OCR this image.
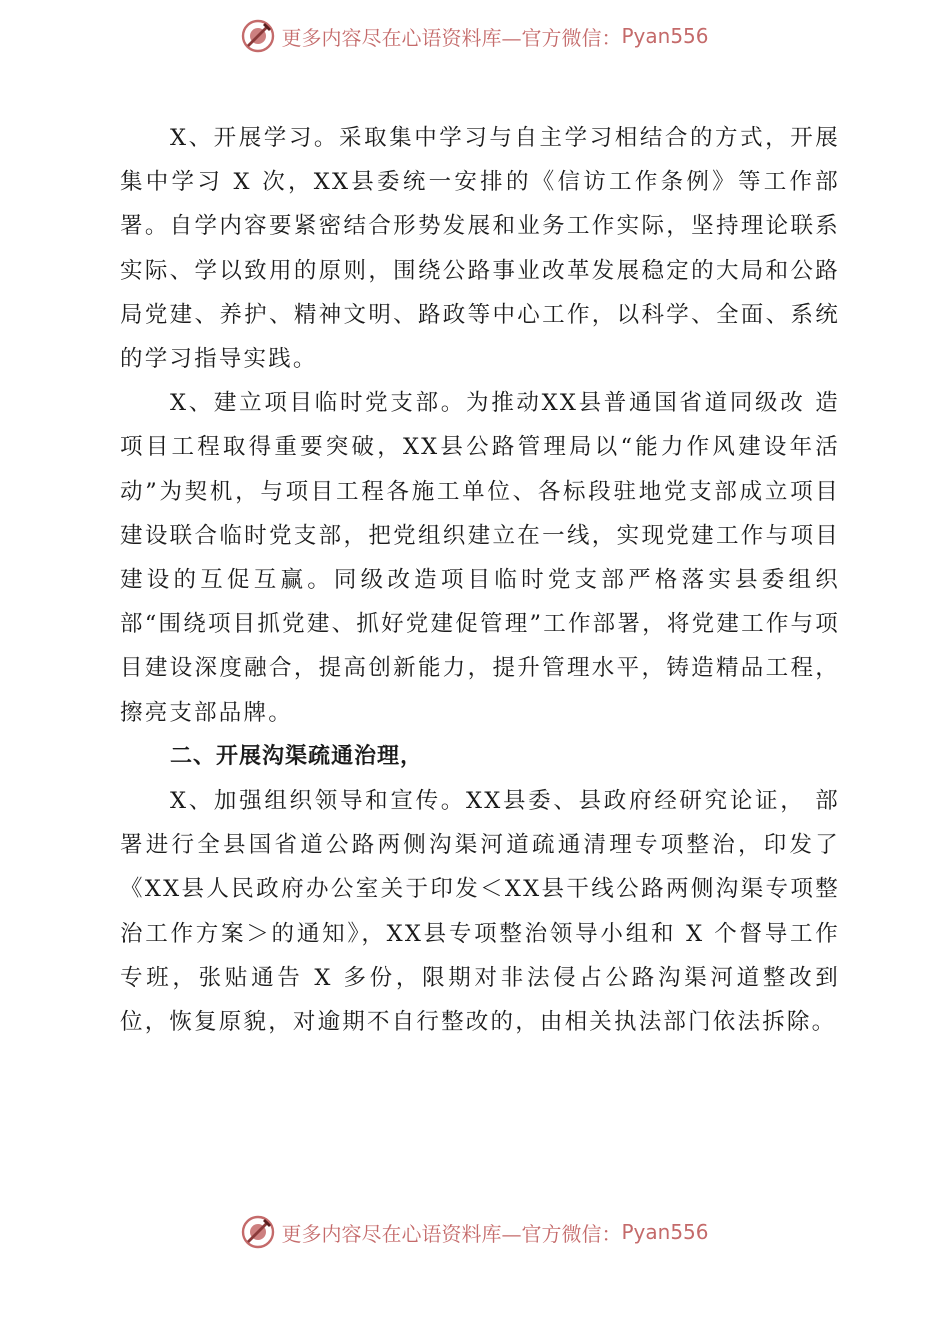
更多内容尽在心语资料库—官方微信： Pyan556

X、开展学习。采取集中学习与自主学习相结合的方式，开展集中学习 X 次，XX县委统一安排的《信访工作条例》等工作部署。自学内容要紧密结合形势发展和业务工作实际，坚持理论联系实际、学以致用的原则，围绕公路事业改革发展稳定的大局和公路局党建、养护、精神文明、路政等中心工作，以科学、全面、系统的学习指导实践。

X、建立项目临时党支部。为推动XX县普通国省道同级改 造项目工程取得重要突破，XX县公路管理局以“能力作风建设年活动”为契机，与项目工程各施工单位、各标段驻地党支部成立项目建设联合临时党支部，把党组织建立在一线，实现党建工作与项目建设的互促互赢。同级改造项目临时党支部严格落实县委组织部“围绕项目抓党建、抓好党建促管理”工作部署，将党建工作与项目建设深度融合，提高创新能力，提升管理水平，铸造精品工程，擦亮支部品牌。

二、开展沟渠疏通治理，

X、加强组织领导和宣传。XX县委、县政府经研究论证， 部署进行全县国省道公路两侧沟渠河道疏通清理专项整治，印发了《XX县人民政府办公室关于印发＜XX县干线公路两侧沟渠专项整治工作方案＞的通知》，XX县专项整治领导小组和 X 个督导工作专班，张贴通告 X 多份，限期对非法侵占公路沟渠河道整改到位，恢复原貌，对逾期不自行整改的，由相关执法部门依法拆除。

更多内容尽在心语资料库—官方微信： Pyan556
